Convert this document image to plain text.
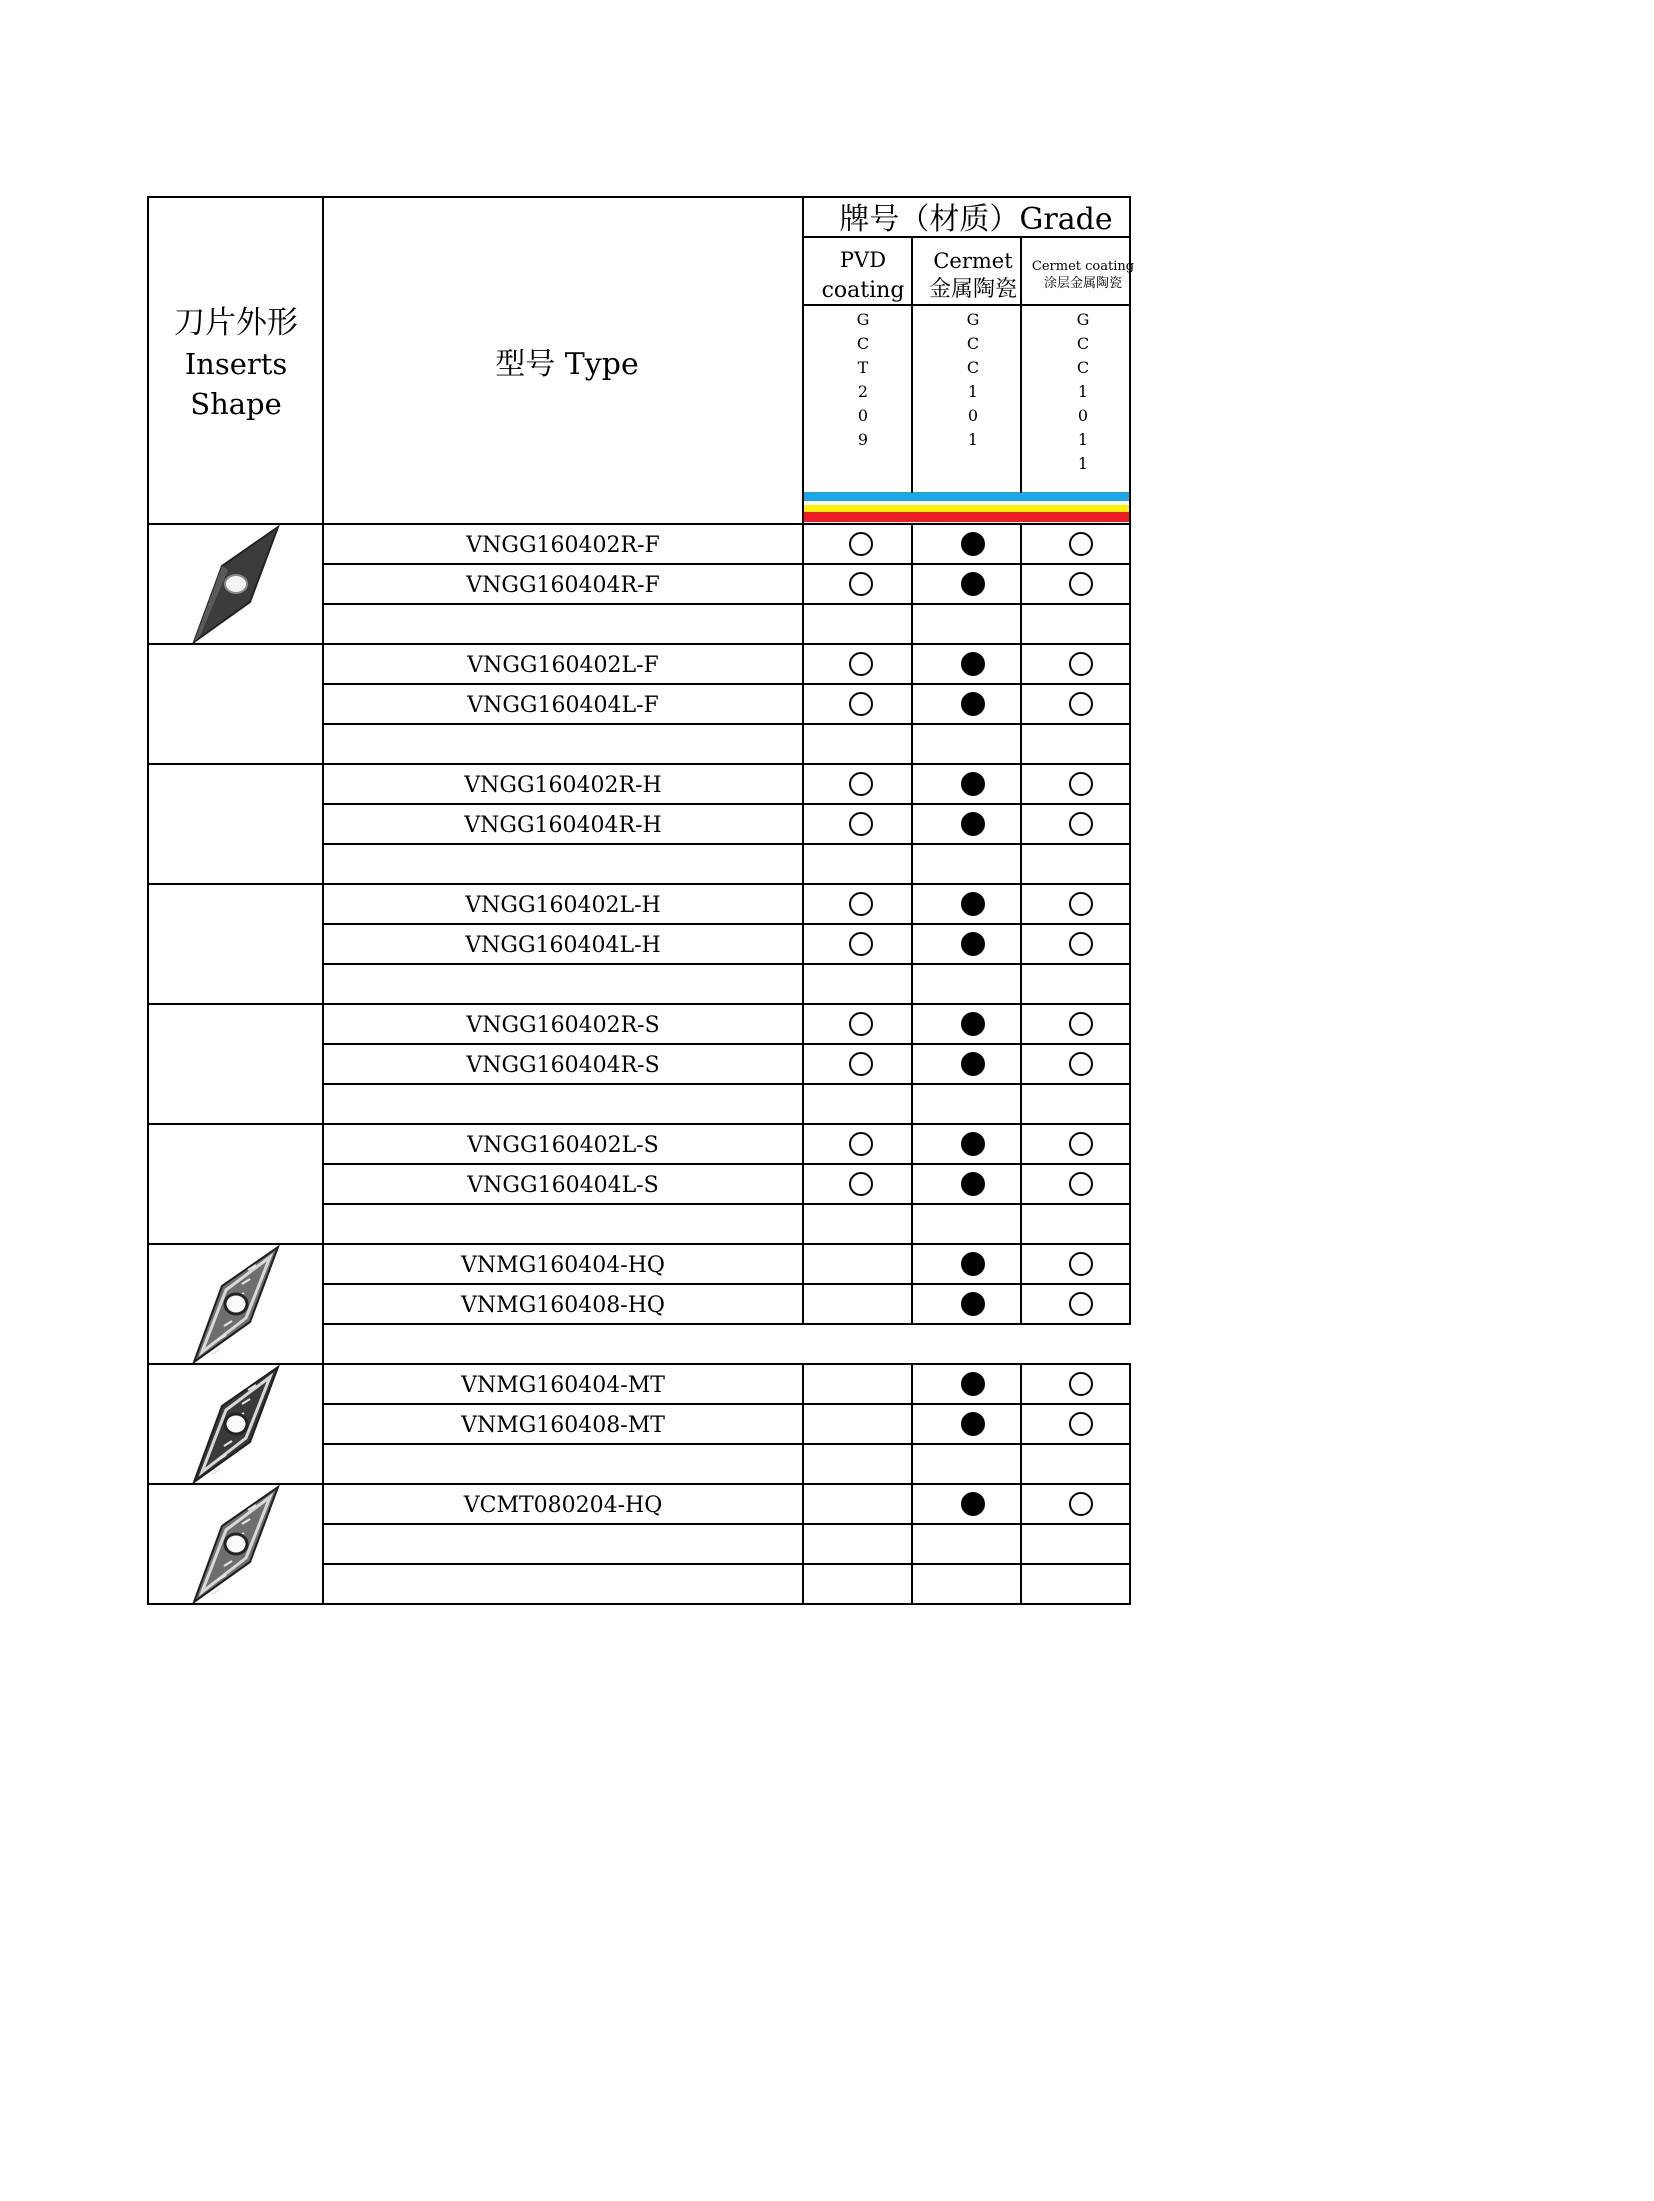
刀片外形
Inserts
Shape
型号 Type
牌号（材质）Grade
PVD
coating
Cermet
金属陶瓷
Cermet coating
涂层金属陶瓷
G
C
T
2
0
9
G
C
C
1
0
1
G
C
C
1
0
1
1
VNGG160402R-F
VNGG160404R-F
VNGG160402L-F
VNGG160404L-F
VNGG160402R-H
VNGG160404R-H
VNGG160402L-H
VNGG160404L-H
VNGG160402R-S
VNGG160404R-S
VNGG160402L-S
VNGG160404L-S
VNMG160404-HQ
VNMG160408-HQ
VNMG160404-MT
VNMG160408-MT
VCMT080204-HQ
